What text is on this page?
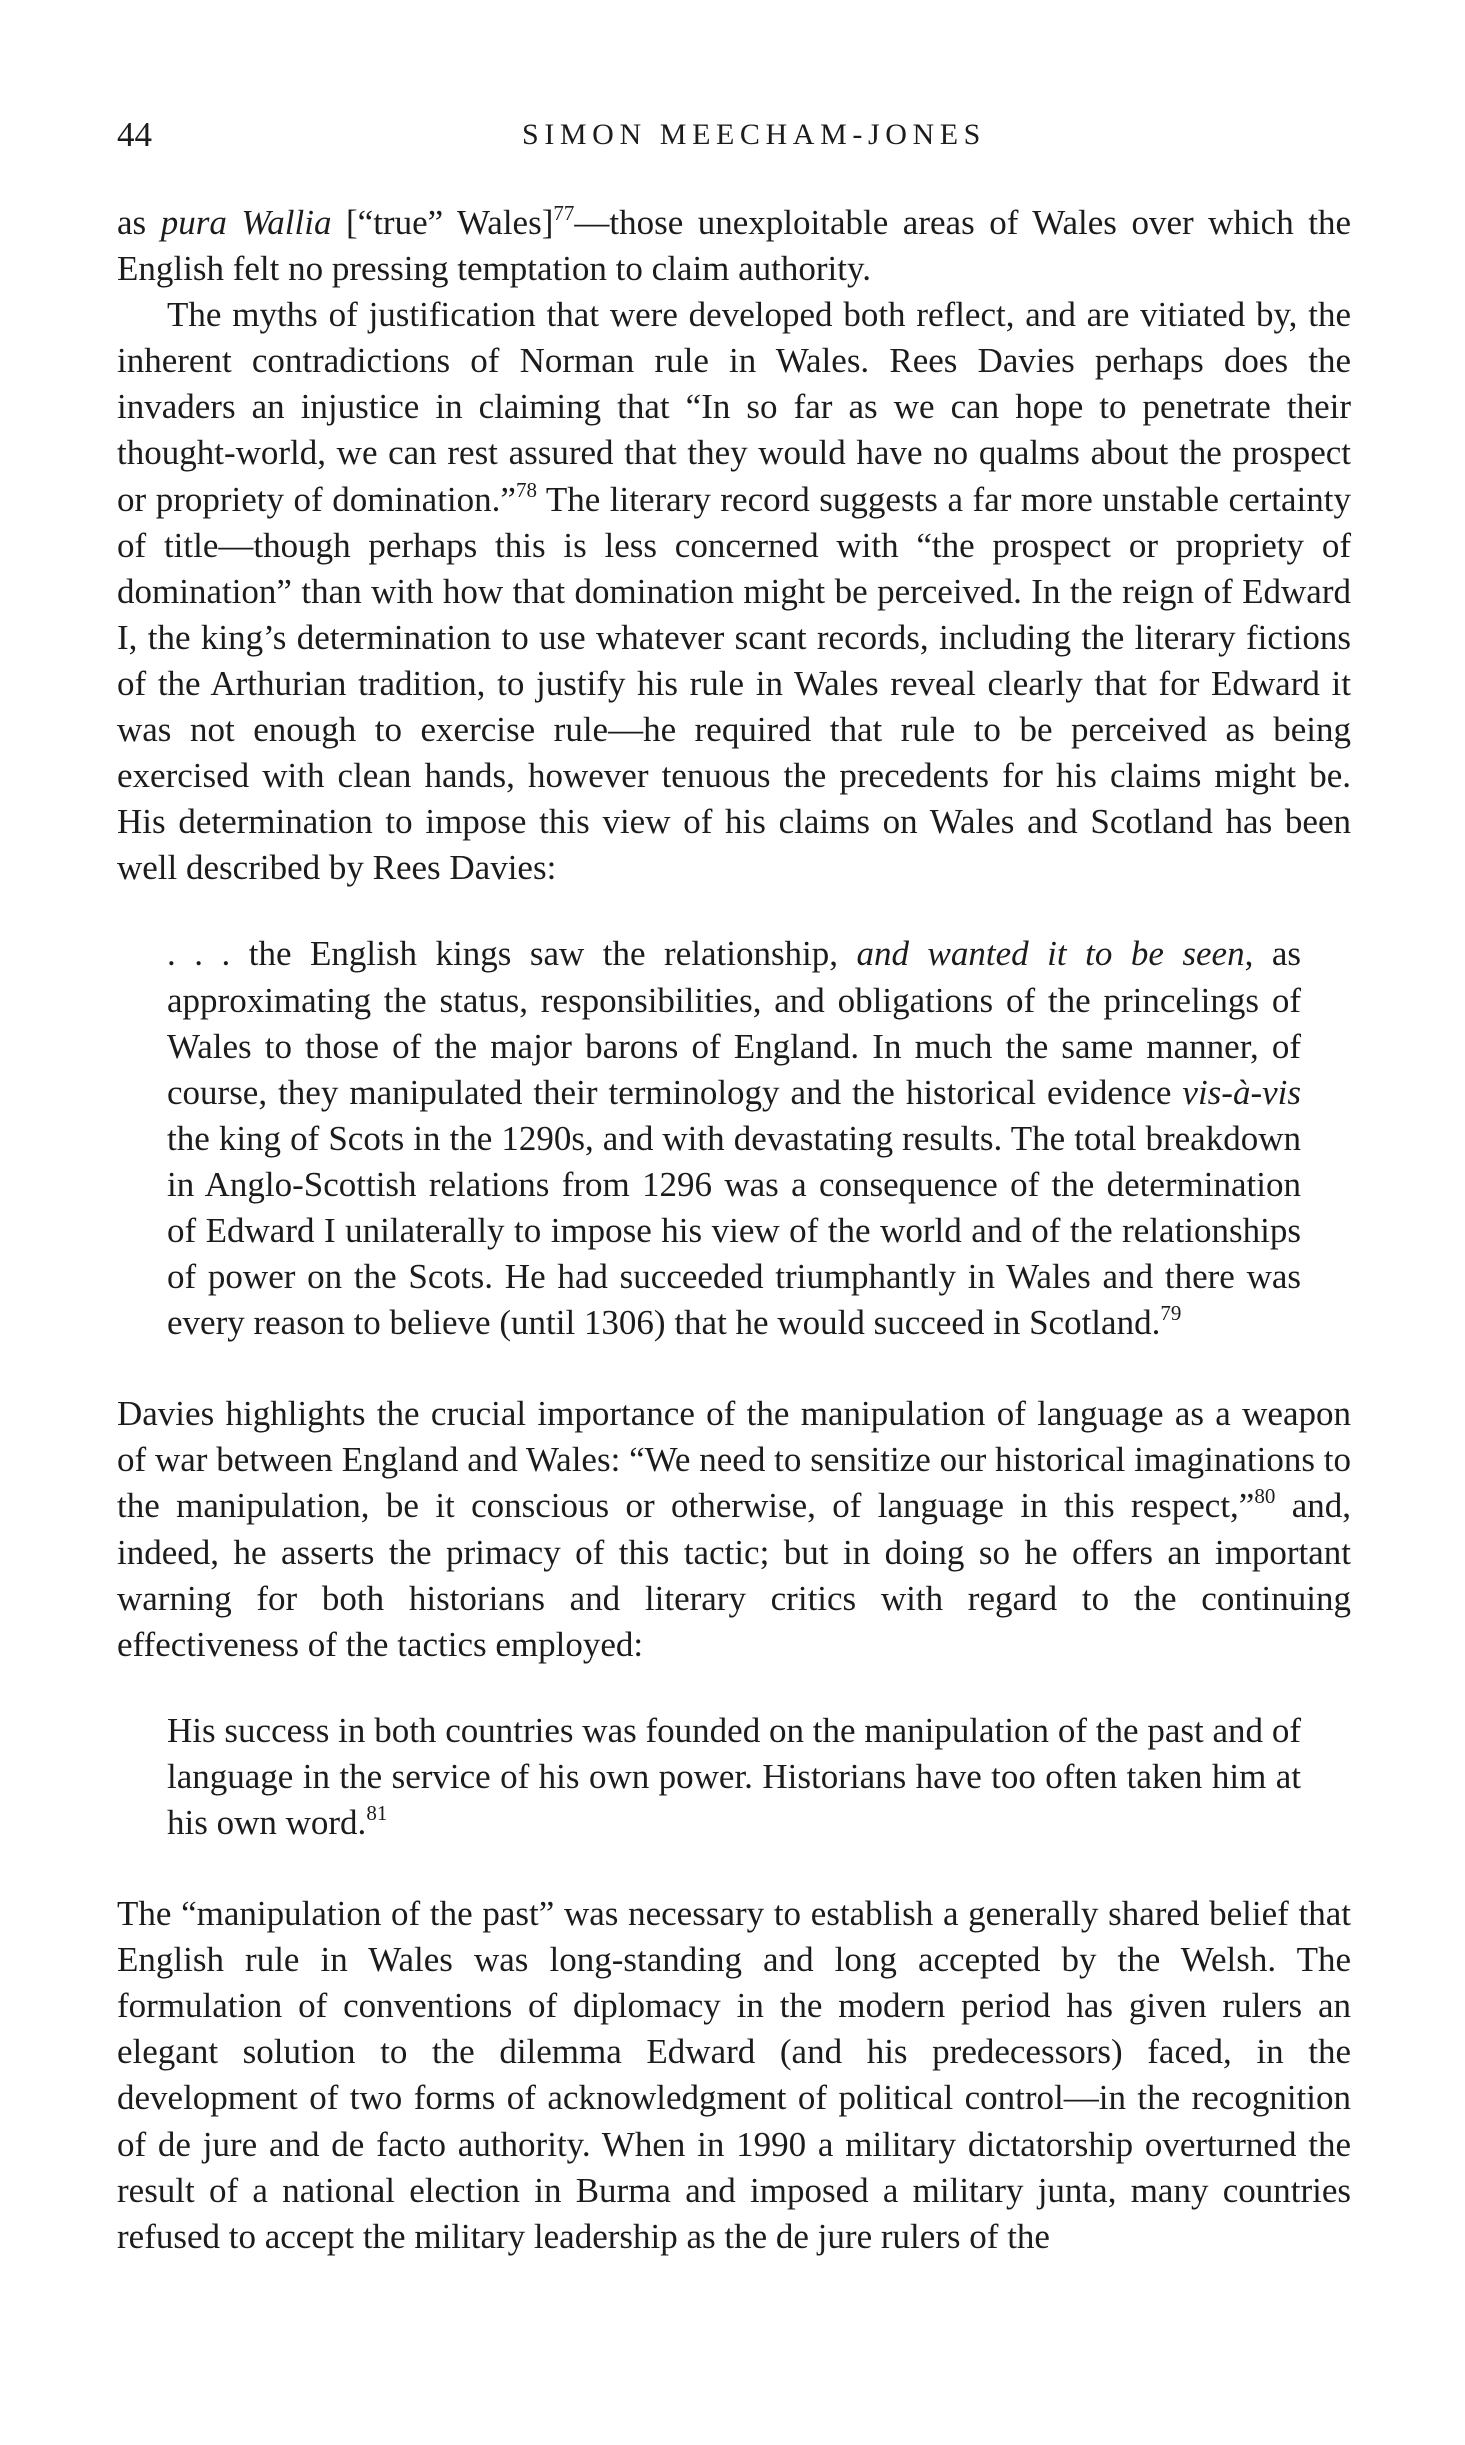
44	SIMON MEECHAM-JONES

as pura Wallia [“true” Wales]$^{77}$—those unexploitable areas of Wales over which the English felt no pressing temptation to claim authority.

The myths of justification that were developed both reflect, and are vitiated by, the inherent contradictions of Norman rule in Wales. Rees Davies perhaps does the invaders an injustice in claiming that “In so far as we can hope to penetrate their thought-world, we can rest assured that they would have no qualms about the prospect or propriety of domination.”$^{78}$ The literary record suggests a far more unstable certainty of title—though perhaps this is less concerned with “the prospect or propriety of domination” than with how that domination might be perceived. In the reign of Edward I, the king’s determination to use whatever scant records, including the literary fictions of the Arthurian tradition, to justify his rule in Wales reveal clearly that for Edward it was not enough to exercise rule—he required that rule to be perceived as being exercised with clean hands, however tenuous the precedents for his claims might be. His determination to impose this view of his claims on Wales and Scotland has been well described by Rees Davies:

. . . the English kings saw the relationship, and wanted it to be seen, as approximating the status, responsibilities, and obligations of the princelings of Wales to those of the major barons of England. In much the same manner, of course, they manipulated their terminology and the historical evidence vis-à-vis the king of Scots in the 1290s, and with devastating results. The total breakdown in Anglo-Scottish relations from 1296 was a consequence of the determination of Edward I unilaterally to impose his view of the world and of the relationships of power on the Scots. He had succeeded triumphantly in Wales and there was every reason to believe (until 1306) that he would succeed in Scotland.$^{79}$

Davies highlights the crucial importance of the manipulation of language as a weapon of war between England and Wales: “We need to sensitize our historical imaginations to the manipulation, be it conscious or otherwise, of language in this respect,”$^{80}$ and, indeed, he asserts the primacy of this tactic; but in doing so he offers an important warning for both historians and literary critics with regard to the continuing effectiveness of the tactics employed:

His success in both countries was founded on the manipulation of the past and of language in the service of his own power. Historians have too often taken him at his own word.$^{81}$

The “manipulation of the past” was necessary to establish a generally shared belief that English rule in Wales was long-standing and long accepted by the Welsh. The formulation of conventions of diplomacy in the modern period has given rulers an elegant solution to the dilemma Edward (and his predecessors) faced, in the development of two forms of acknowledgment of political control—in the recognition of de jure and de facto authority. When in 1990 a military dictatorship overturned the result of a national election in Burma and imposed a military junta, many countries refused to accept the military leadership as the de jure rulers of the
